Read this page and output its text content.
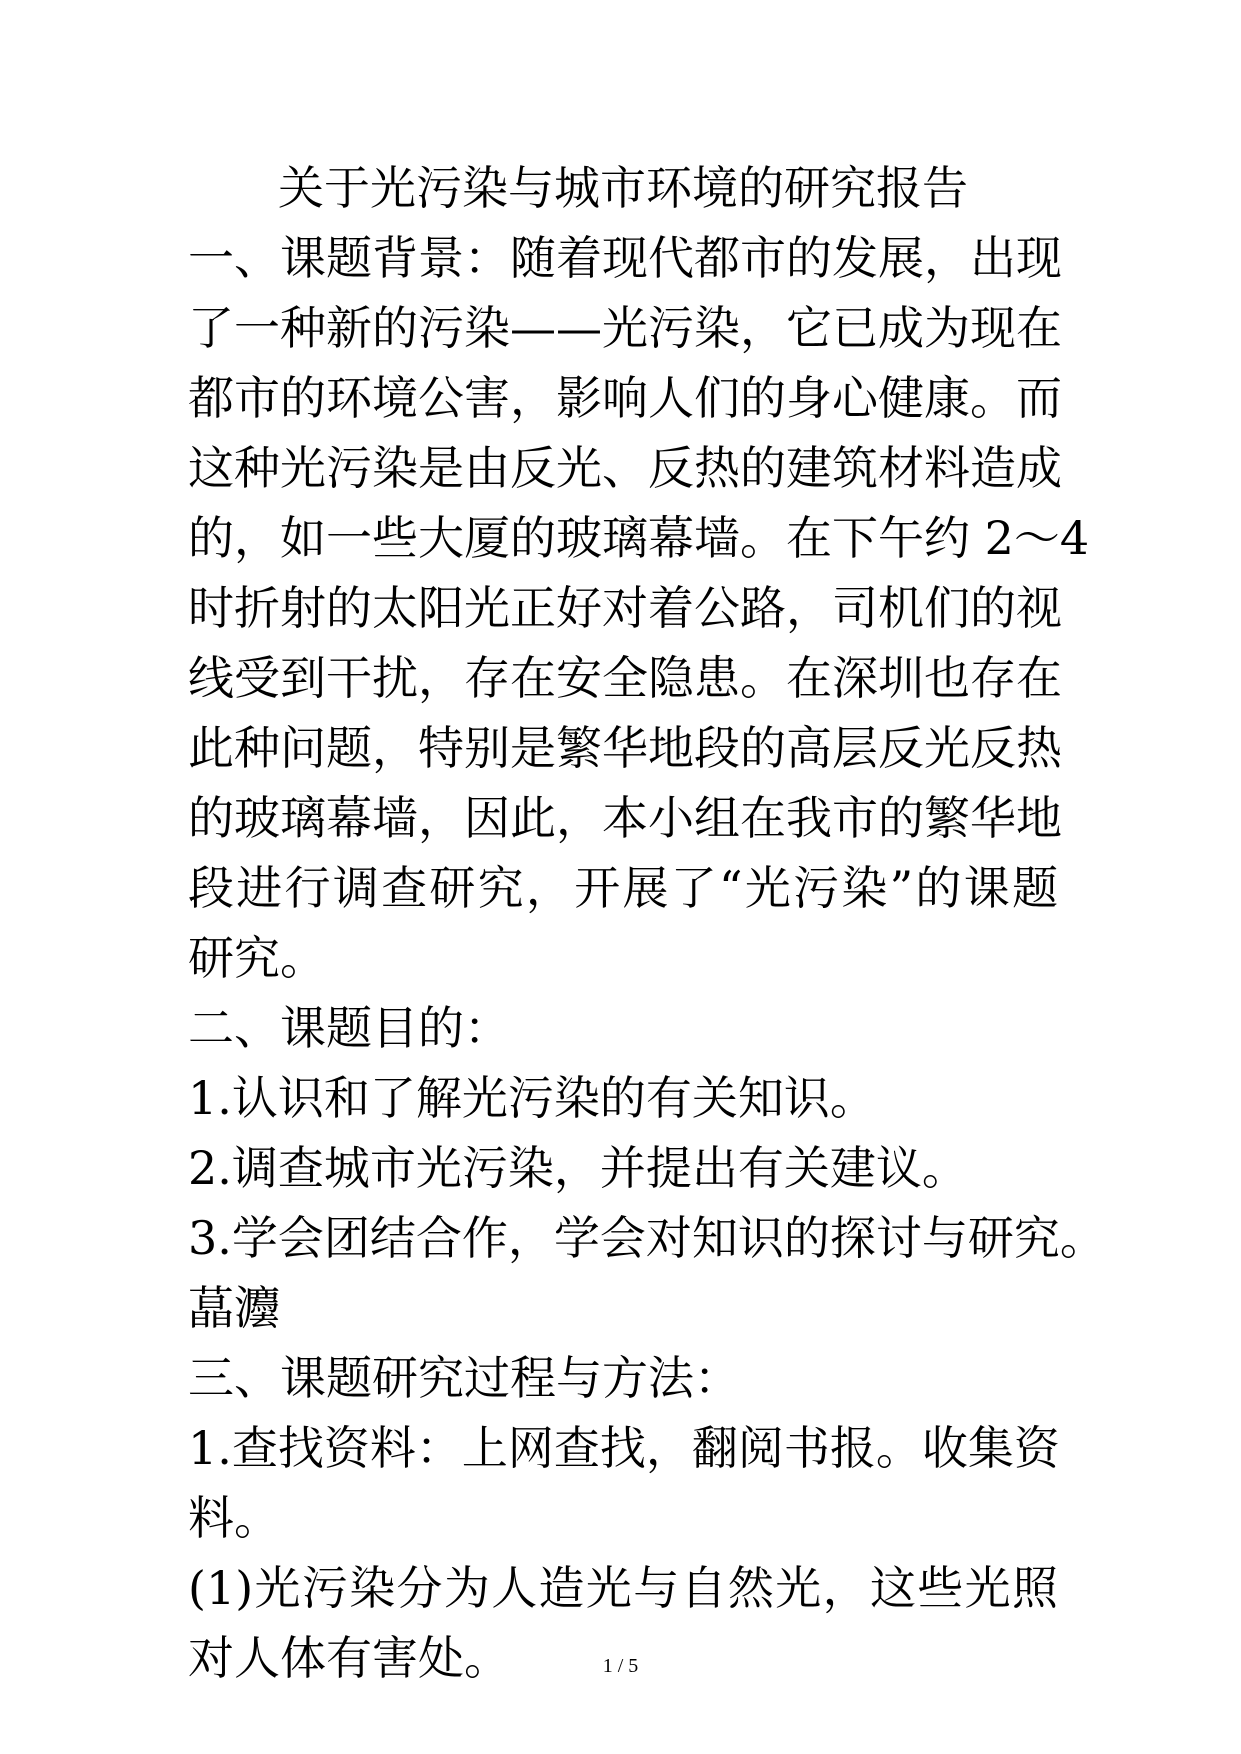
关于光污染与城市环境的研究报告

一、课题背景：随着现代都市的发展，出现
了一种新的污染——光污染，它已成为现在
都市的环境公害，影响人们的身心健康。而
这种光污染是由反光、反热的建筑材料造成
的，如一些大厦的玻璃幕墙。在下午约 2～4
时折射的太阳光正好对着公路，司机们的视
线受到干扰，存在安全隐患。在深圳也存在
此种问题，特别是繁华地段的高层反光反热
的玻璃幕墙，因此，本小组在我市的繁华地
段进行调查研究，开展了“光污染”的课题
研究。
二、课题目的：
1.认识和了解光污染的有关知识。
2.调查城市光污染，并提出有关建议。
3.学会团结合作，学会对知识的探讨与研究。
蕌灋
三、课题研究过程与方法：
1.查找资料：上网查找，翻阅书报。收集资
料。
(1)光污染分为人造光与自然光，这些光照
对人体有害处。	1 / 5
